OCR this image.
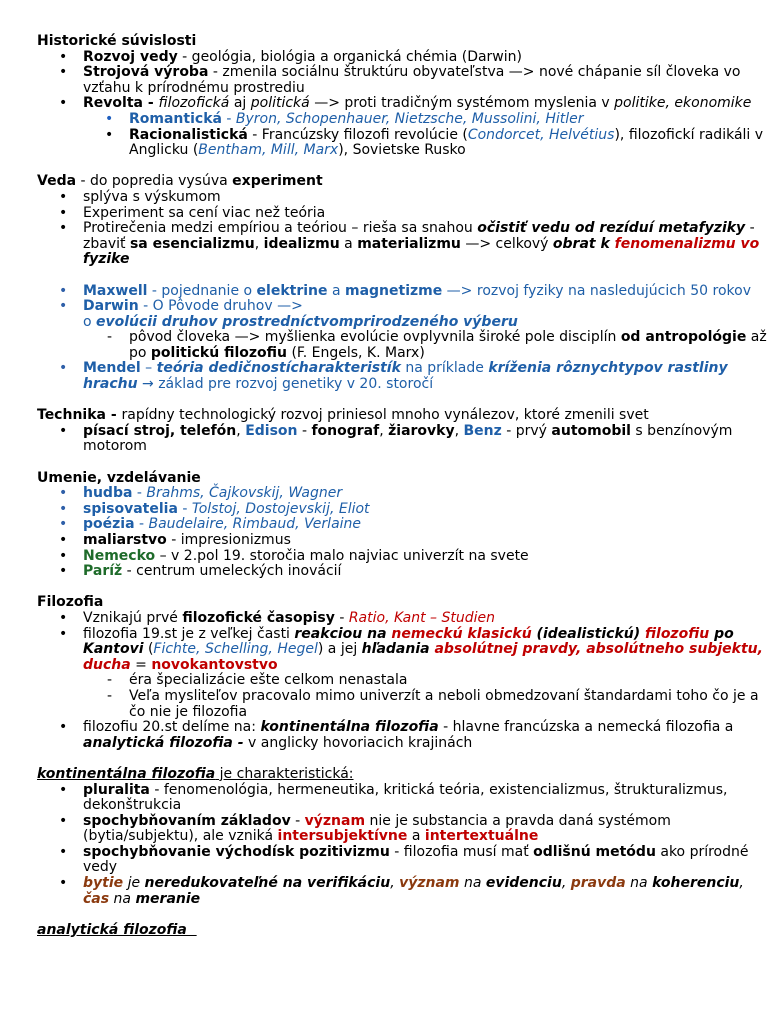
Historické súvislosti
• Rozvoj vedy - geológia, biológia a organická chémia (Darwin)
• Strojová výroba - zmenila sociálnu štruktúru obyvateľstva —> nové chápanie síl človeka vo vzťahu k prírodnému prostrediu
• Revolta - filozofická aj politická —> proti tradičným systémom myslenia v politike, ekonomike
• Romantická - Byron, Schopenhauer, Nietzsche, Mussolini, Hitler
• Racionalistická - Francúzsky filozofi revolúcie (Condorcet, Helvétius), filozofickí radikáli v Anglicku (Bentham, Mill, Marx), Sovietske Rusko
Veda - do popredia vysúva experiment
• splýva s výskumom
• Experiment sa cení viac než teória
• Protirečenia medzi empíriou a teóriou – rieša sa snahou očistiť vedu od rezíduí metafyziky - zbaviť sa esencializmu, idealizmu a materializmu —> celkový obrat k fenomenalizmu vo fyzike
• Maxwell - pojednanie o elektrine a magnetizme —> rozvoj fyziky na nasledujúcich 50 rokov
• Darwin - O Pôvode druhov —>
o evolúcii druhov prostredníctvomprirodzeného výberu
- pôvod človeka —> myšlienka evolúcie ovplyvnila široké pole disciplín od antropológie až po politickú filozofiu (F. Engels, K. Marx)
• Mendel – teória dedičnostícharakteristík na príklade kríženia rôznychtypov rastliny hrachu → základ pre rozvoj genetiky v 20. storočí
Technika - rapídny technologický rozvoj priniesol mnoho vynálezov, ktoré zmenili svet
• písací stroj, telefón, Edison - fonograf, žiarovky, Benz - prvý automobil s benzínovým motorom
Umenie, vzdelávanie
• hudba - Brahms, Čajkovskij, Wagner
• spisovatelia - Tolstoj, Dostojevskij, Eliot
• poézia - Baudelaire, Rimbaud, Verlaine
• maliarstvo - impresionizmus
• Nemecko – v 2.pol 19. storočia malo najviac univerzít na svete
• Paríž - centrum umeleckých inovácií
Filozofia
• Vznikajú prvé filozofické časopisy - Ratio, Kant – Studien
• filozofia 19.st je z veľkej časti reakciou na nemeckú klasickú (idealistickú) filozofiu po Kantovi (Fichte, Schelling, Hegel) a jej hľadania absolútnej pravdy, absolútneho subjektu, ducha = novokantovstvo
- éra špecializácie ešte celkom nenastala
- Veľa mysliteľov pracovalo mimo univerzít a neboli obmedzovaní štandardami toho čo je a čo nie je filozofia
• filozofiu 20.st delíme na: kontinentálna filozofia - hlavne francúzska a nemecká filozofia a analytická filozofia - v anglicky hovoriacich krajinách
kontinentálna filozofia je charakteristická:
• pluralita - fenomenológia, hermeneutika, kritická teória, existencializmus, štrukturalizmus, dekonštrukcia
• spochybňovaním základov - význam nie je substancia a pravda daná systémom (bytia/subjektu), ale vzniká intersubjektívne a intertextuálne
• spochybňovanie východísk pozitivizmu - filozofia musí mať odlišnú metódu ako prírodné vedy
• bytie je neredukovateľné na verifikáciu, význam na evidenciu, pravda na koherenciu, čas na meranie
analytická filozofia
